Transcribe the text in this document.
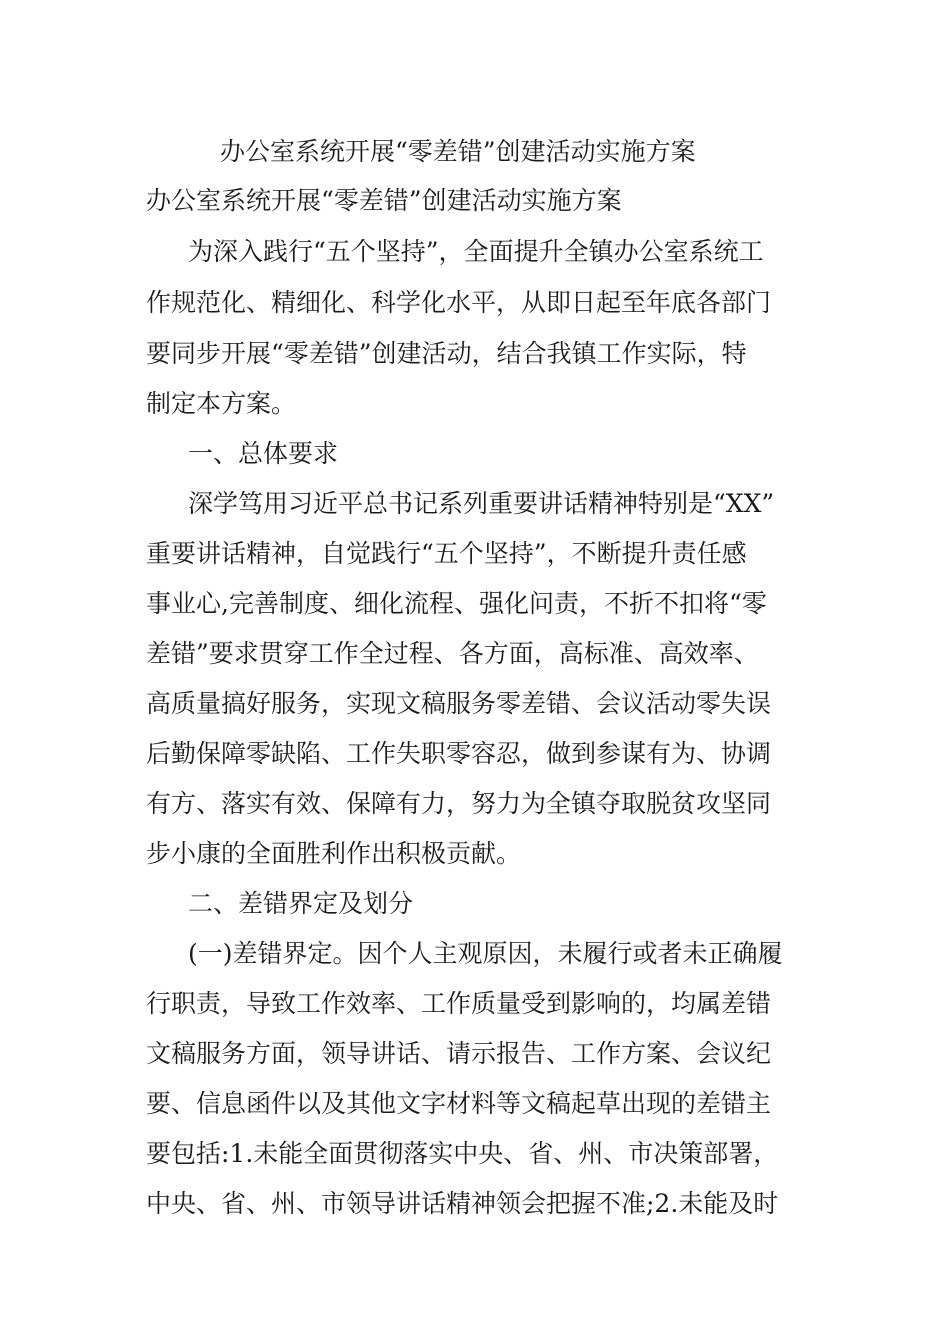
办公室系统开展“零差错”创建活动实施方案
办公室系统开展“零差错”创建活动实施方案
为深入践行“五个坚持”，全面提升全镇办公室系统工
作规范化、精细化、科学化水平，从即日起至年底各部门
要同步开展“零差错”创建活动，结合我镇工作实际，特
制定本方案。
一、总体要求
深学笃用习近平总书记系列重要讲话精神特别是“XX”
重要讲话精神，自觉践行“五个坚持”，不断提升责任感
事业心,完善制度、细化流程、强化问责，不折不扣将“零
差错”要求贯穿工作全过程、各方面，高标准、高效率、
高质量搞好服务，实现文稿服务零差错、会议活动零失误
后勤保障零缺陷、工作失职零容忍，做到参谋有为、协调
有方、落实有效、保障有力，努力为全镇夺取脱贫攻坚同
步小康的全面胜利作出积极贡献。
二、差错界定及划分
(一)差错界定。因个人主观原因，未履行或者未正确履
行职责，导致工作效率、工作质量受到影响的，均属差错
文稿服务方面，领导讲话、请示报告、工作方案、会议纪
要、信息函件以及其他文字材料等文稿起草出现的差错主
要包括:1.未能全面贯彻落实中央、省、州、市决策部署，
中央、省、州、市领导讲话精神领会把握不准;2.未能及时
